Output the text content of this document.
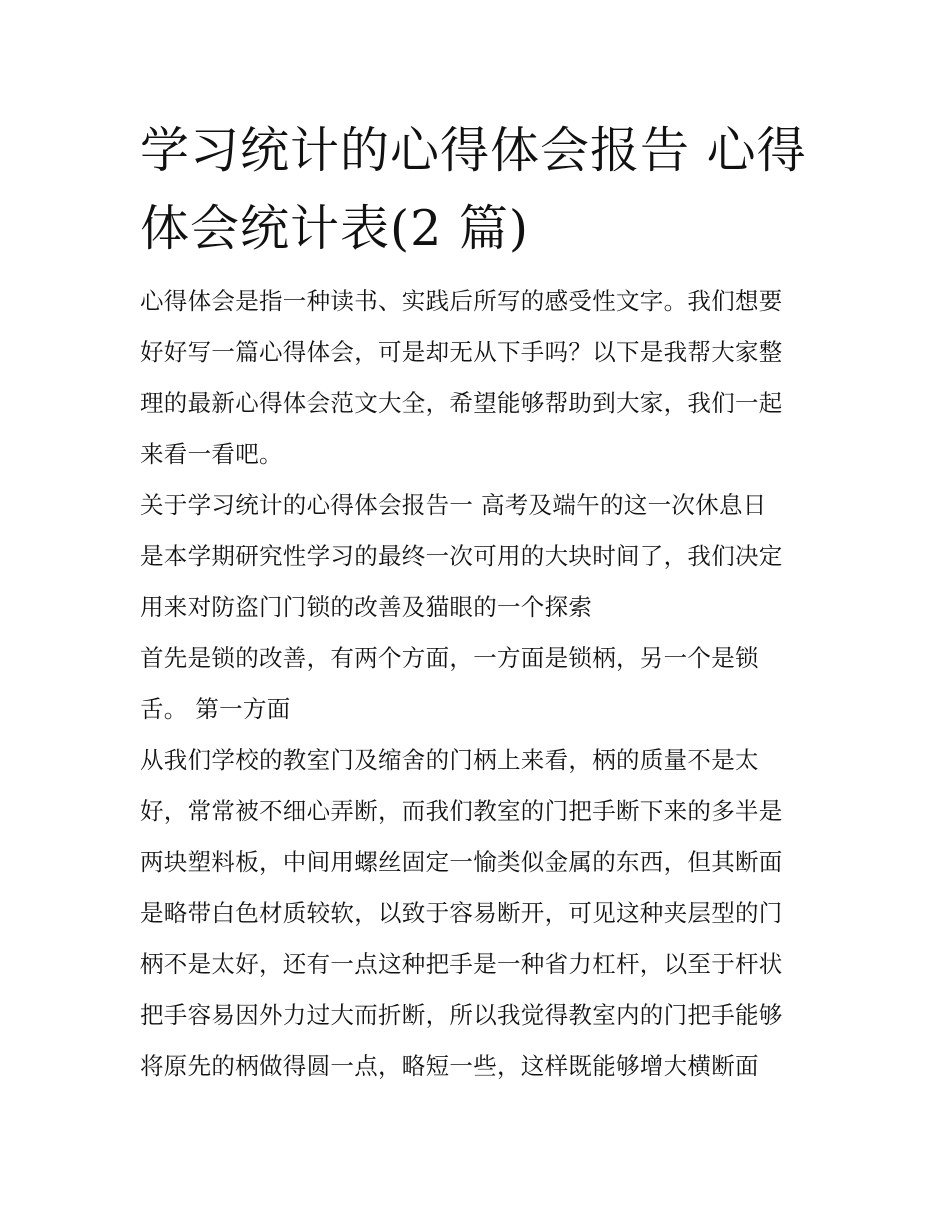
学习统计的心得体会报告 心得
体会统计表(2 篇)
心得体会是指一种读书、实践后所写的感受性文字。我们想要
好好写一篇心得体会，可是却无从下手吗？以下是我帮大家整
理的最新心得体会范文大全，希望能够帮助到大家，我们一起
来看一看吧。
关于学习统计的心得体会报告一 高考及端午的这一次休息日
是本学期研究性学习的最终一次可用的大块时间了，我们决定
用来对防盗门门锁的改善及猫眼的一个探索
首先是锁的改善，有两个方面，一方面是锁柄，另一个是锁
舌。 第一方面
从我们学校的教室门及缩舍的门柄上来看，柄的质量不是太
好，常常被不细心弄断，而我们教室的门把手断下来的多半是
两块塑料板，中间用螺丝固定一愉类似金属的东西，但其断面
是略带白色材质较软，以致于容易断开，可见这种夹层型的门
柄不是太好，还有一点这种把手是一种省力杠杆，以至于杆状
把手容易因外力过大而折断，所以我觉得教室内的门把手能够
将原先的柄做得圆一点，略短一些，这样既能够增大横断面
